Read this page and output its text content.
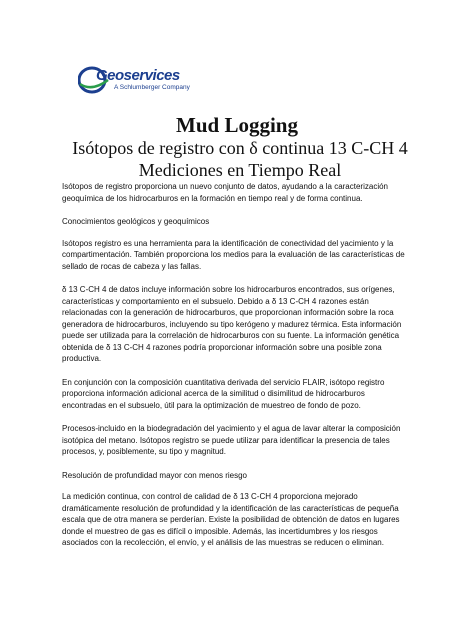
Geoservices
A Schlumberger Company
Mud Logging
Isótopos de registro con δ continua 13 C-CH 4 Mediciones en Tiempo Real

Isótopos de registro proporciona un nuevo conjunto de datos, ayudando a la caracterización geoquímica de los hidrocarburos en la formación en tiempo real y de forma continua.

Conocimientos geológicos y geoquímicos

Isótopos registro es una herramienta para la identificación de conectividad del yacimiento y la compartimentación. También proporciona los medios para la evaluación de las características de sellado de rocas de cabeza y las fallas.

δ 13 C-CH 4 de datos incluye información sobre los hidrocarburos encontrados, sus orígenes, características y comportamiento en el subsuelo. Debido a δ 13 C-CH 4 razones están relacionadas con la generación de hidrocarburos, que proporcionan información sobre la roca generadora de hidrocarburos, incluyendo su tipo kerógeno y madurez térmica. Esta información puede ser utilizada para la correlación de hidrocarburos con su fuente. La información genética obtenida de δ 13 C-CH 4 razones podría proporcionar información sobre una posible zona productiva.

En conjunción con la composición cuantitativa derivada del servicio FLAIR, isótopo registro proporciona información adicional acerca de la similitud o disimilitud de hidrocarburos encontradas en el subsuelo, útil para la optimización de muestreo de fondo de pozo.

Procesos-incluido en la biodegradación del yacimiento y el agua de lavar alterar la composición isotópica del metano. Isótopos registro se puede utilizar para identificar la presencia de tales procesos, y, posiblemente, su tipo y magnitud.

Resolución de profundidad mayor con menos riesgo

La medición continua, con control de calidad de δ 13 C-CH 4 proporciona mejorado dramáticamente resolución de profundidad y la identificación de las características de pequeña escala que de otra manera se perderían. Existe la posibilidad de obtención de datos en lugares donde el muestreo de gas es difícil o imposible. Además, las incertidumbres y los riesgos asociados con la recolección, el envío, y el análisis de las muestras se reducen o eliminan.
